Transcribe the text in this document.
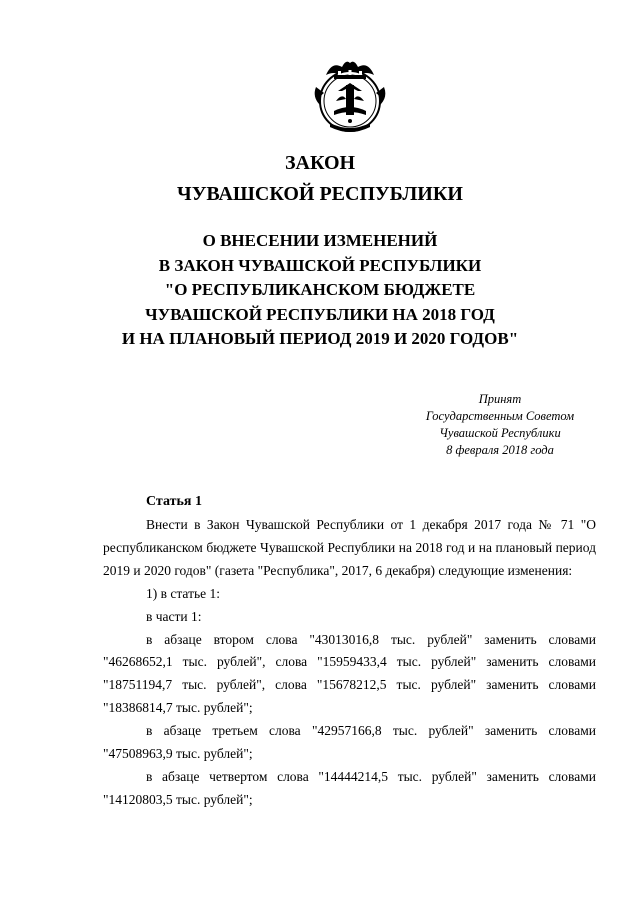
ЗАКОН
ЧУВАШСКОЙ РЕСПУБЛИКИ
О ВНЕСЕНИИ ИЗМЕНЕНИЙ
В ЗАКОН ЧУВАШСКОЙ РЕСПУБЛИКИ
"О РЕСПУБЛИКАНСКОМ БЮДЖЕТЕ
ЧУВАШСКОЙ РЕСПУБЛИКИ НА 2018 ГОД
И НА ПЛАНОВЫЙ ПЕРИОД 2019 И 2020 ГОДОВ"
Принят
Государственным Советом
Чувашской Республики
8 февраля 2018 года
Статья 1

Внести в Закон Чувашской Республики от 1 декабря 2017 года № 71 "О республиканском бюджете Чувашской Республики на 2018 год и на плановый период 2019 и 2020 годов" (газета "Республика", 2017, 6 декабря) следующие изменения:

1) в статье 1:

в части 1:

в абзаце втором слова "43013016,8 тыс. рублей" заменить словами "46268652,1 тыс. рублей", слова "15959433,4 тыс. рублей" заменить словами "18751194,7 тыс. рублей", слова "15678212,5 тыс. рублей" заменить словами "18386814,7 тыс. рублей";

в абзаце третьем слова "42957166,8 тыс. рублей" заменить словами "47508963,9 тыс. рублей";

в абзаце четвертом слова "14444214,5 тыс. рублей" заменить словами "14120803,5 тыс. рублей";
